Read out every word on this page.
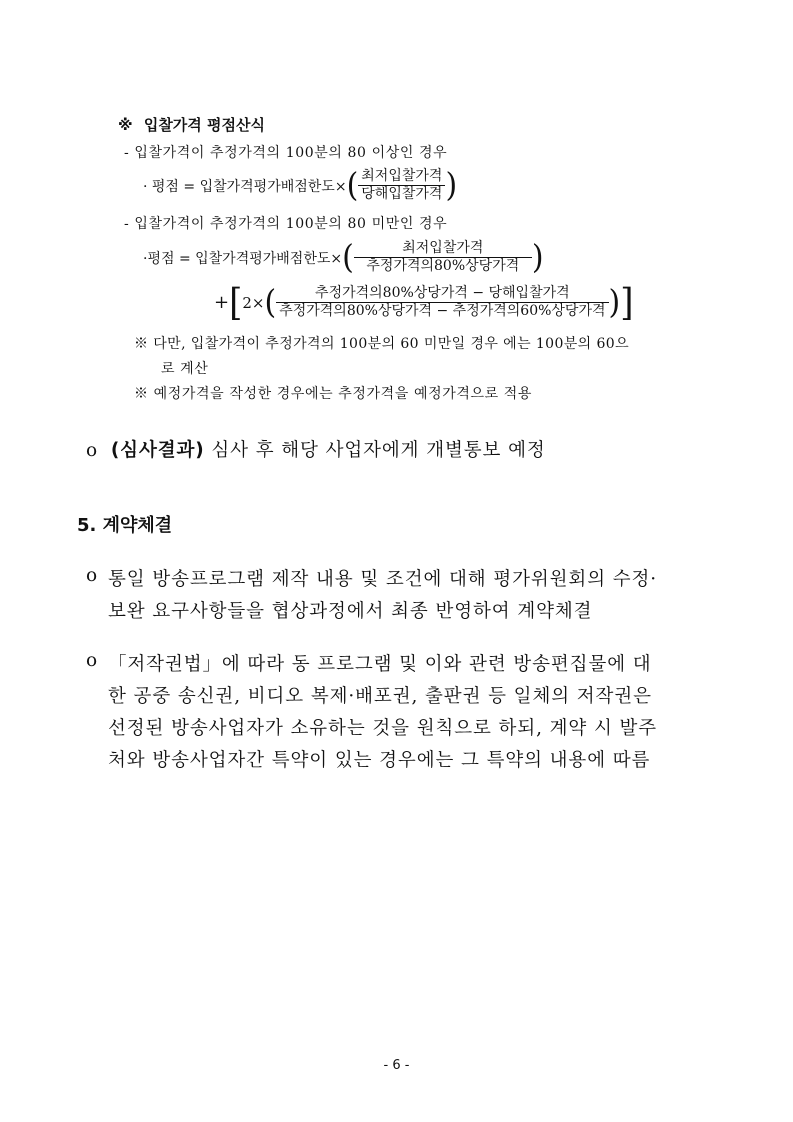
※ 입찰가격 평점산식
- 입찰가격이 추정가격의 100분의 80 이상인 경우
· 평점 = 입찰가격평가배점한도× ( $\frac{\text{최저입찰가격}}{\text{당해입찰가격}}$ )
- 입찰가격이 추정가격의 100분의 80 미만인 경우
·평점 = 입찰가격평가배점한도× ( $\frac{\text{최저입찰가격}}{\text{추정가격의80\%상당가격}}$ )
+ [ 2× ( $\frac{\text{추정가격의80\%상당가격 − 당해입찰가격}}{\text{추정가격의80\%상당가격 − 추정가격의60\%상당가격}}$ ) ]
※ 다만, 입찰가격이 추정가격의 100분의 60 미만일 경우 에는 100분의 60으
로 계산
※ 예정가격을 작성한 경우에는 추정가격을 예정가격으로 적용
o (심사결과) 심사 후 해당 사업자에게 개별통보 예정
5. 계약체결
o 통일 방송프로그램 제작 내용 및 조건에 대해 평가위원회의 수정·
보완 요구사항들을 협상과정에서 최종 반영하여 계약체결
o 「저작권법」에 따라 동 프로그램 및 이와 관련 방송편집물에 대
한 공중 송신권, 비디오 복제·배포권, 출판권 등 일체의 저작권은
선정된 방송사업자가 소유하는 것을 원칙으로 하되, 계약 시 발주
처와 방송사업자간 특약이 있는 경우에는 그 특약의 내용에 따름
- 6 -
